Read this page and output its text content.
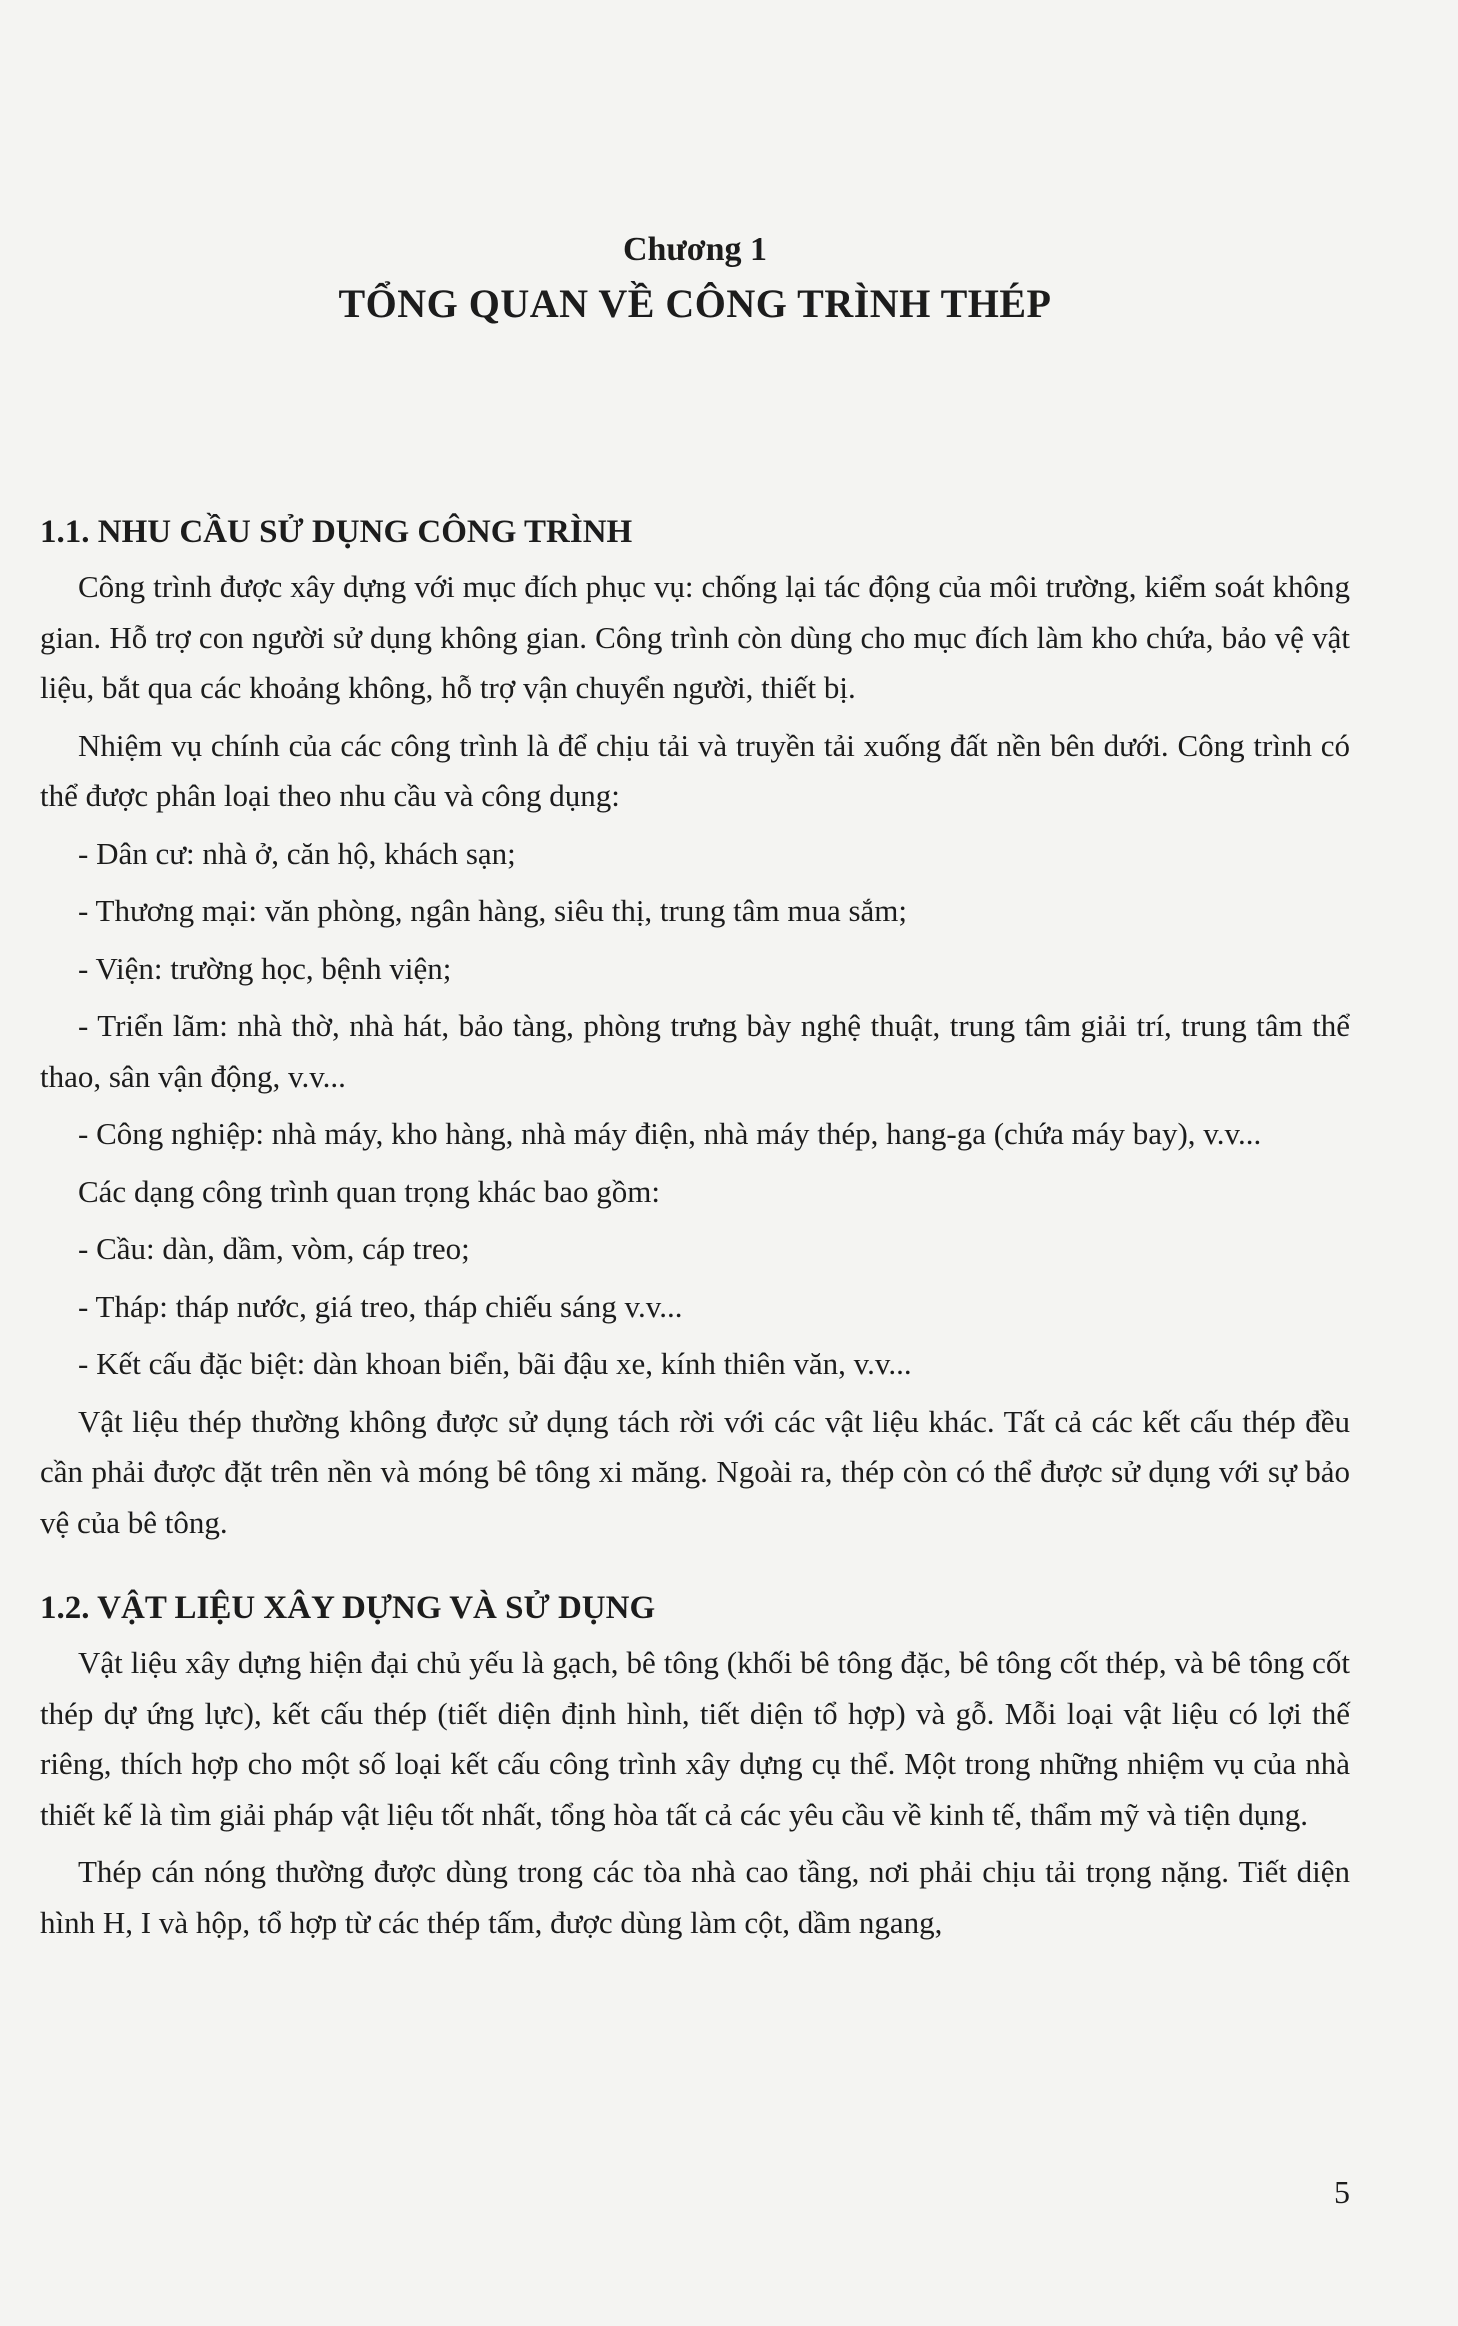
Chương 1

TỔNG QUAN VỀ CÔNG TRÌNH THÉP
1.1. NHU CẦU SỬ DỤNG CÔNG TRÌNH

Công trình được xây dựng với mục đích phục vụ: chống lại tác động của môi trường, kiểm soát không gian. Hỗ trợ con người sử dụng không gian. Công trình còn dùng cho mục đích làm kho chứa, bảo vệ vật liệu, bắt qua các khoảng không, hỗ trợ vận chuyển người, thiết bị.

Nhiệm vụ chính của các công trình là để chịu tải và truyền tải xuống đất nền bên dưới. Công trình có thể được phân loại theo nhu cầu và công dụng:

- Dân cư: nhà ở, căn hộ, khách sạn;

- Thương mại: văn phòng, ngân hàng, siêu thị, trung tâm mua sắm;

- Viện: trường học, bệnh viện;

- Triển lãm: nhà thờ, nhà hát, bảo tàng, phòng trưng bày nghệ thuật, trung tâm giải trí, trung tâm thể thao, sân vận động, v.v...

- Công nghiệp: nhà máy, kho hàng, nhà máy điện, nhà máy thép, hang-ga (chứa máy bay), v.v...

Các dạng công trình quan trọng khác bao gồm:

- Cầu: dàn, dầm, vòm, cáp treo;

- Tháp: tháp nước, giá treo, tháp chiếu sáng v.v...

- Kết cấu đặc biệt: dàn khoan biển, bãi đậu xe, kính thiên văn, v.v...

Vật liệu thép thường không được sử dụng tách rời với các vật liệu khác. Tất cả các kết cấu thép đều cần phải được đặt trên nền và móng bê tông xi măng. Ngoài ra, thép còn có thể được sử dụng với sự bảo vệ của bê tông.

1.2. VẬT LIỆU XÂY DỰNG VÀ SỬ DỤNG

Vật liệu xây dựng hiện đại chủ yếu là gạch, bê tông (khối bê tông đặc, bê tông cốt thép, và bê tông cốt thép dự ứng lực), kết cấu thép (tiết diện định hình, tiết diện tổ hợp) và gỗ. Mỗi loại vật liệu có lợi thế riêng, thích hợp cho một số loại kết cấu công trình xây dựng cụ thể. Một trong những nhiệm vụ của nhà thiết kế là tìm giải pháp vật liệu tốt nhất, tổng hòa tất cả các yêu cầu về kinh tế, thẩm mỹ và tiện dụng.

Thép cán nóng thường được dùng trong các tòa nhà cao tầng, nơi phải chịu tải trọng nặng. Tiết diện hình H, I và hộp, tổ hợp từ các thép tấm, được dùng làm cột, dầm ngang,

5
